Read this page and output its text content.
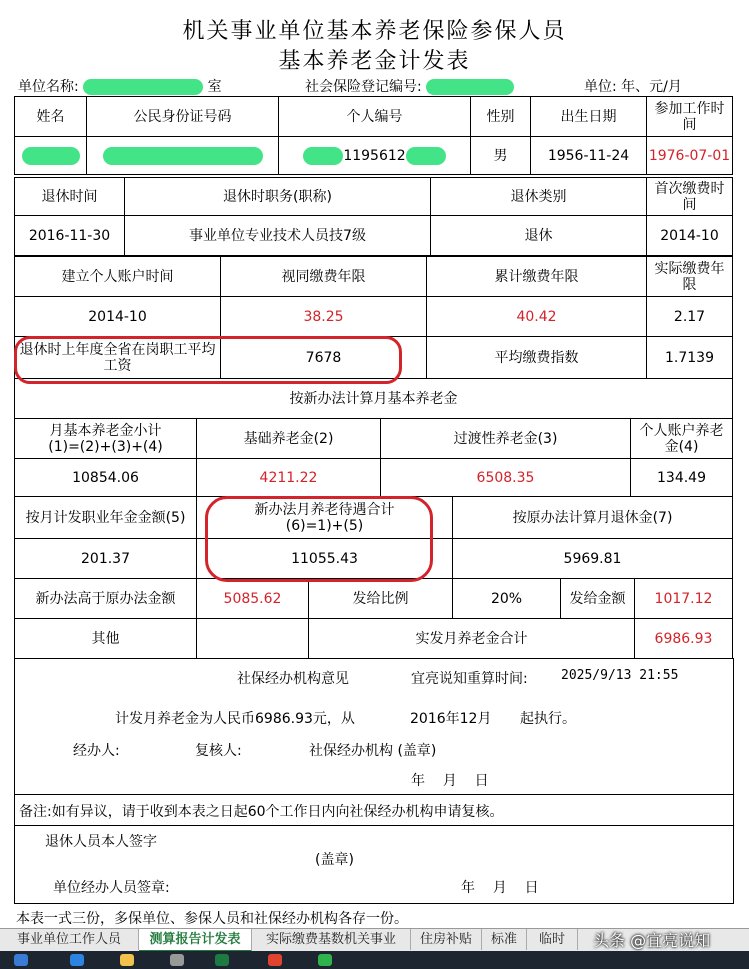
机关事业单位基本养老保险参保人员
基本养老金计发表
单位名称:	室	社会保险登记编号:	单位: 年、元/月
姓名	公民身份证号码	个人编号	性别	出生日期	参加工作时间
		1195612	男	1956-11-24	1976-07-01
退休时间	退休时职务(职称)	退休类别	首次缴费时间
2016-11-30	事业单位专业技术人员技7级	退休	2014-10
建立个人账户时间	视同缴费年限	累计缴费年限	实际缴费年限
2014-10	38.25	40.42	2.17
退休时上年度全省在岗职工平均工资	7678	平均缴费指数	1.7139
按新办法计算月基本养老金			
月基本养老金小计(1)=(2)+(3)+(4)	基础养老金(2)	过渡性养老金(3)	个人账户养老金(4)
10854.06	4211.22	6508.35	134.49
按月计发职业年金金额(5)	新办法月养老待遇合计(6)=1)+(5)	按原办法计算月退休金(7)
201.37	11055.43	5969.81
新办法高于原办法金额	5085.62	发给比例	20%	发给金额	1017.12
其他		实发月养老金合计			6986.93
社保经办机构意见	宜亮说知重算时间:	2025/9/13 21:55
计发月养老金为人民币6986.93元，从	2016年12月 起执行。
经办人:	复核人:	社保经办机构 (盖章)
年    月    日
备注:如有异议，请于收到本表之日起60个工作日内向社保经办机构申请复核。
退休人员本人签字
(盖章)
单位经办人员签章:	年    月    日
本表一式三份，多保单位、参保人员和社保经办机构各存一份。
事业单位工作人员	测算报告计发表	实际缴费基数机关事业	住房补贴	标准	临时	头条 @宜亮说知
